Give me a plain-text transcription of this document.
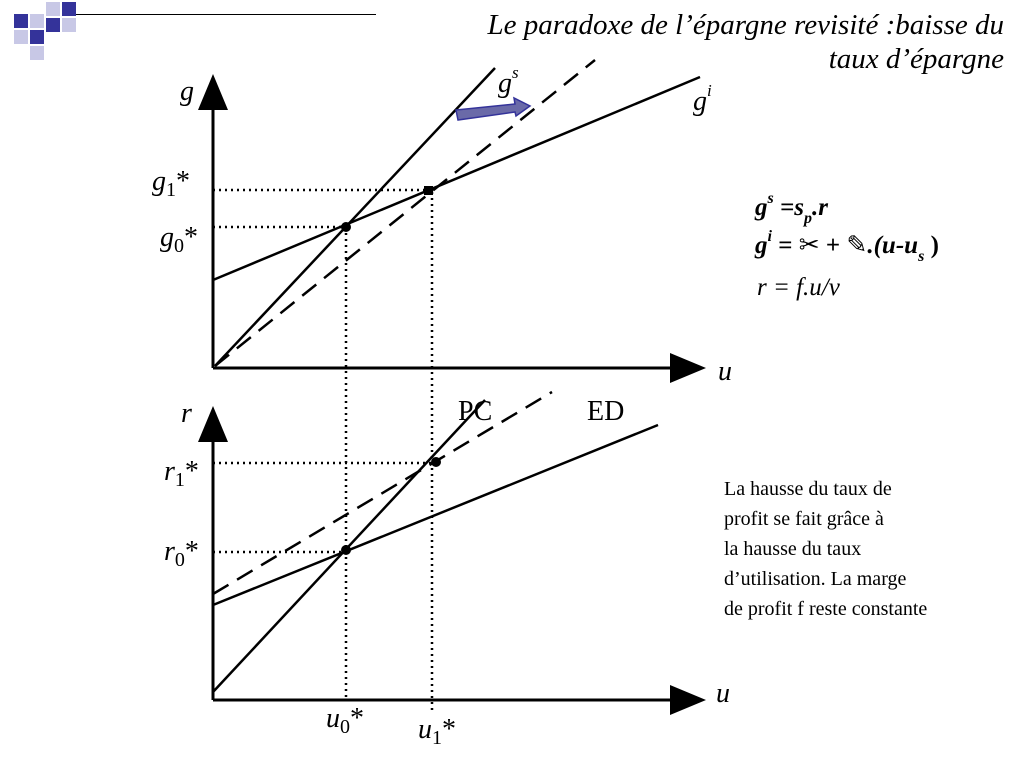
g
u
$g^s$
$g^i$
$g_1*$
$g_0*$
r
u
PC	ED
$r_1*$
$r_0*$
$u_0*$ $u_1*$
$g^s =s_p.r$
$g^i$ = ✂ + $✎.(u-u_s$ )
r = f.u/v
Le paradoxe de l’épargne revisité :baisse du
taux d’épargne
La hausse du taux de
profit se fait grâce à
la hausse du taux
d’utilisation. La marge
de profit f reste constante
